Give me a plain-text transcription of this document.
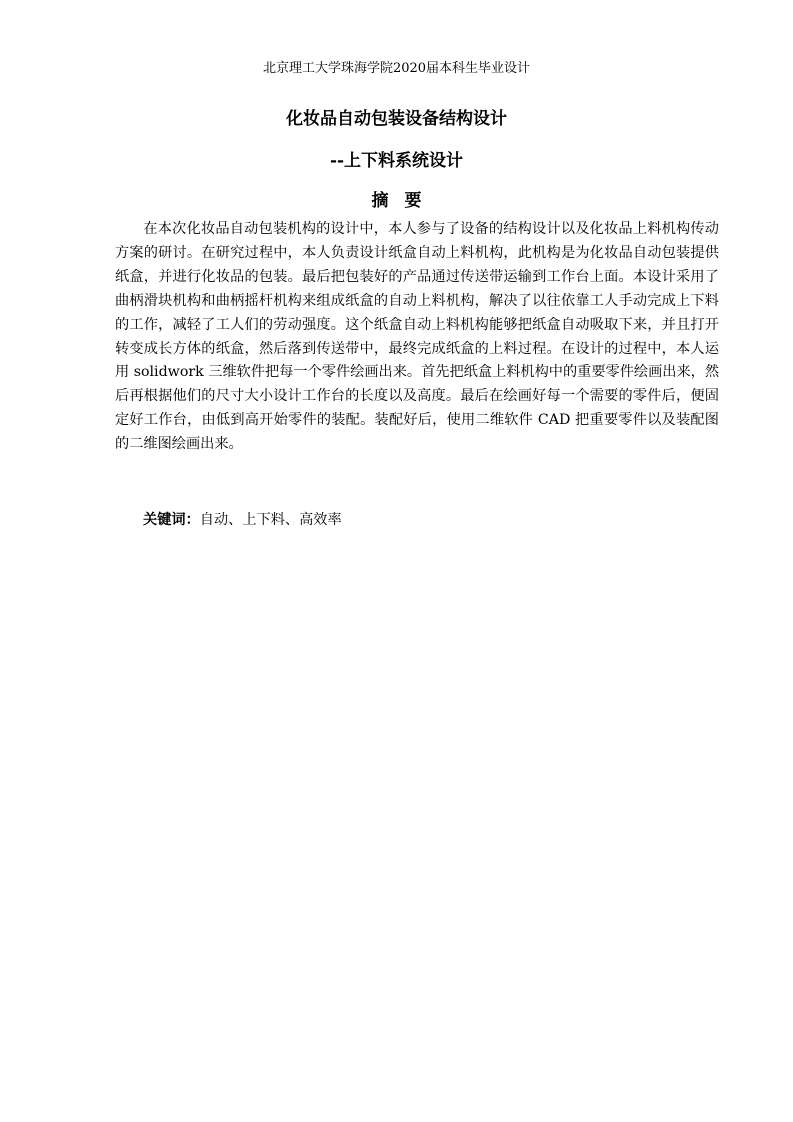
北京理工大学珠海学院2020届本科生毕业设计
化妆品自动包装设备结构设计
--上下料系统设计
摘要

在本次化妆品自动包装机构的设计中，本人参与了设备的结构设计以及化妆品上料机构传动方案的研讨。在研究过程中，本人负责设计纸盒自动上料机构，此机构是为化妆品自动包装提供纸盒，并进行化妆品的包装。最后把包装好的产品通过传送带运输到工作台上面。本设计采用了曲柄滑块机构和曲柄摇杆机构来组成纸盒的自动上料机构，解决了以往依靠工人手动完成上下料的工作，减轻了工人们的劳动强度。这个纸盒自动上料机构能够把纸盒自动吸取下来，并且打开转变成长方体的纸盒，然后落到传送带中，最终完成纸盒的上料过程。在设计的过程中，本人运用 solidwork 三维软件把每一个零件绘画出来。首先把纸盒上料机构中的重要零件绘画出来，然后再根据他们的尺寸大小设计工作台的长度以及高度。最后在绘画好每一个需要的零件后，便固定好工作台，由低到高开始零件的装配。装配好后，使用二维软件 CAD 把重要零件以及装配图的二维图绘画出来。

关键词：自动、上下料、高效率
